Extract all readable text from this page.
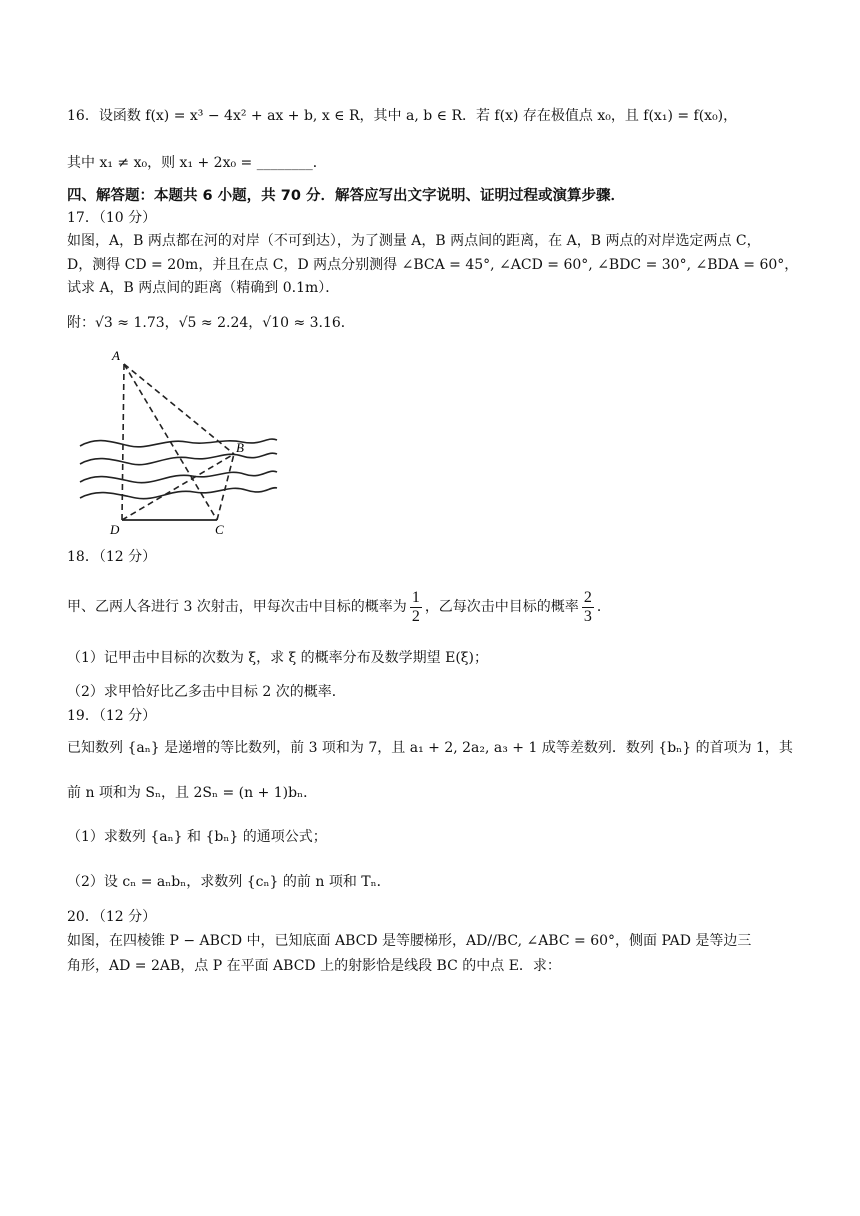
16．设函数 f(x) = x³ − 4x² + ax + b, x ∈ R，其中 a, b ∈ R．若 f(x) 存在极值点 x₀，且 f(x₁) = f(x₀)，
其中 x₁ ≠ x₀，则 x₁ + 2x₀ = ________．
四、解答题：本题共 6 小题，共 70 分．解答应写出文字说明、证明过程或演算步骤．
17．（10 分）
如图，A，B 两点都在河的对岸（不可到达），为了测量 A，B 两点间的距离，在 A，B 两点的对岸选定两点 C，
D，测得 CD = 20m，并且在点 C，D 两点分别测得 ∠BCA = 45°, ∠ACD = 60°, ∠BDC = 30°, ∠BDA = 60°，
试求 A，B 两点间的距离（精确到 0.1m）．
附：√3 ≈ 1.73，√5 ≈ 2.24，√10 ≈ 3.16．
A
B
C
D
18．（12 分）
甲、乙两人各进行 3 次射击，甲每次击中目标的概率为
1
2
，乙每次击中目标的概率
2
3
．
（1）记甲击中目标的次数为 ξ，求 ξ 的概率分布及数学期望 E(ξ)；
（2）求甲恰好比乙多击中目标 2 次的概率．
19．（12 分）
已知数列 {aₙ} 是递增的等比数列，前 3 项和为 7，且 a₁ + 2, 2a₂, a₃ + 1 成等差数列．数列 {bₙ} 的首项为 1，其
前 n 项和为 Sₙ，且 2Sₙ = (n + 1)bₙ．
（1）求数列 {aₙ} 和 {bₙ} 的通项公式；
（2）设 cₙ = aₙbₙ，求数列 {cₙ} 的前 n 项和 Tₙ．
20．（12 分）
如图，在四棱锥 P − ABCD 中，已知底面 ABCD 是等腰梯形，AD//BC, ∠ABC = 60°，侧面 PAD 是等边三
角形，AD = 2AB，点 P 在平面 ABCD 上的射影恰是线段 BC 的中点 E．求：
